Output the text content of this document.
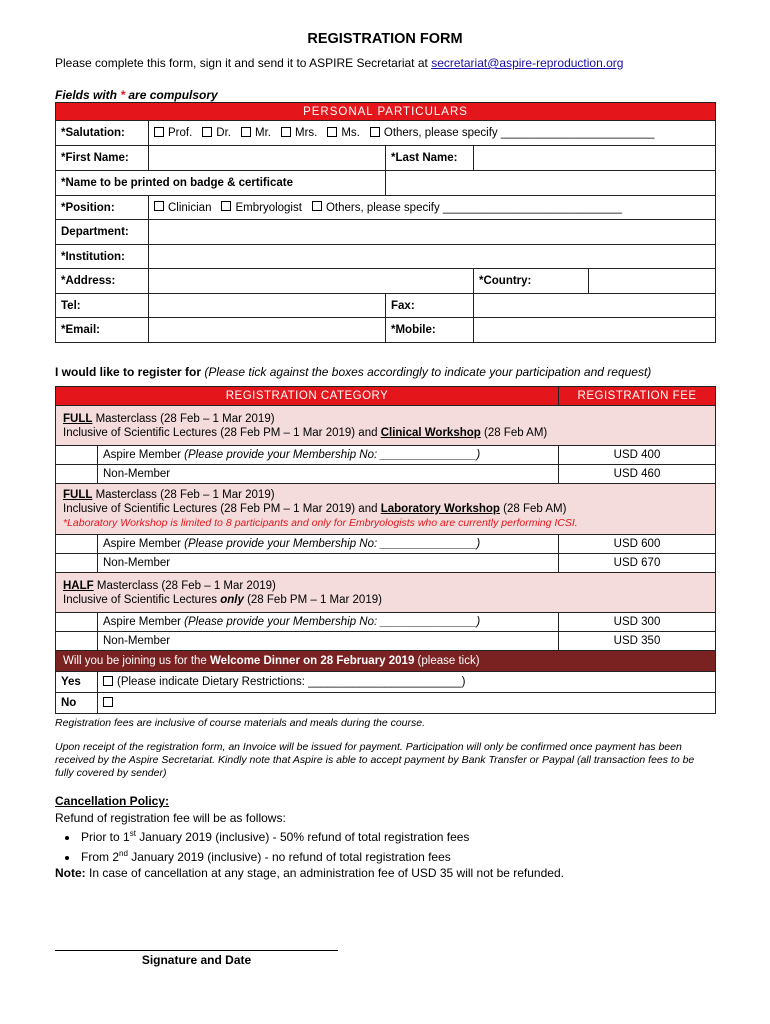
REGISTRATION FORM
Please complete this form, sign it and send it to ASPIRE Secretariat at secretariat@aspire-reproduction.org
Fields with * are compulsory
PERSONAL PARTICULARS				
*Salutation:	Prof. Dr. Mr. Mrs. Ms. Others, please specify ________________________			
*First Name:		*Last Name:		
*Name to be printed on badge & certificate				
*Position:	Clinician Embryologist Others, please specify ____________________________			
Department:				
*Institution:				
*Address:			*Country:	
Tel:		Fax:		
*Email:		*Mobile:		
I would like to register for (Please tick against the boxes accordingly to indicate your participation and request)
REGISTRATION CATEGORY		REGISTRATION FEE
FULL Masterclass (28 Feb – 1 Mar 2019)
Inclusive of Scientific Lectures (28 Feb PM – 1 Mar 2019) and Clinical Workshop (28 Feb AM)		
	Aspire Member (Please provide your Membership No: _______________)	USD 400
	Non-Member	USD 460
FULL Masterclass (28 Feb – 1 Mar 2019)
Inclusive of Scientific Lectures (28 Feb PM – 1 Mar 2019) and Laboratory Workshop (28 Feb AM)
*Laboratory Workshop is limited to 8 participants and only for Embryologists who are currently performing ICSI.		
	Aspire Member (Please provide your Membership No: _______________)	USD 600
	Non-Member	USD 670
HALF Masterclass (28 Feb – 1 Mar 2019)
Inclusive of Scientific Lectures only (28 Feb PM – 1 Mar 2019)		
	Aspire Member (Please provide your Membership No: _______________)	USD 300
	Non-Member	USD 350
Will you be joining us for the Welcome Dinner on 28 February 2019 (please tick)		
Yes	(Please indicate Dietary Restrictions: ________________________)	
No		
Registration fees are inclusive of course materials and meals during the course.
Upon receipt of the registration form, an Invoice will be issued for payment. Participation will only be confirmed once payment has been received by the Aspire Secretariat. Kindly note that Aspire is able to accept payment by Bank Transfer or Paypal (all transaction fees to be fully covered by sender)
Cancellation Policy:
Refund of registration fee will be as follows:
• Prior to 1st January 2019 (inclusive) - 50% refund of total registration fees
• From 2nd January 2019 (inclusive) - no refund of total registration fees
Note: In case of cancellation at any stage, an administration fee of USD 35 will not be refunded.
Signature and Date
